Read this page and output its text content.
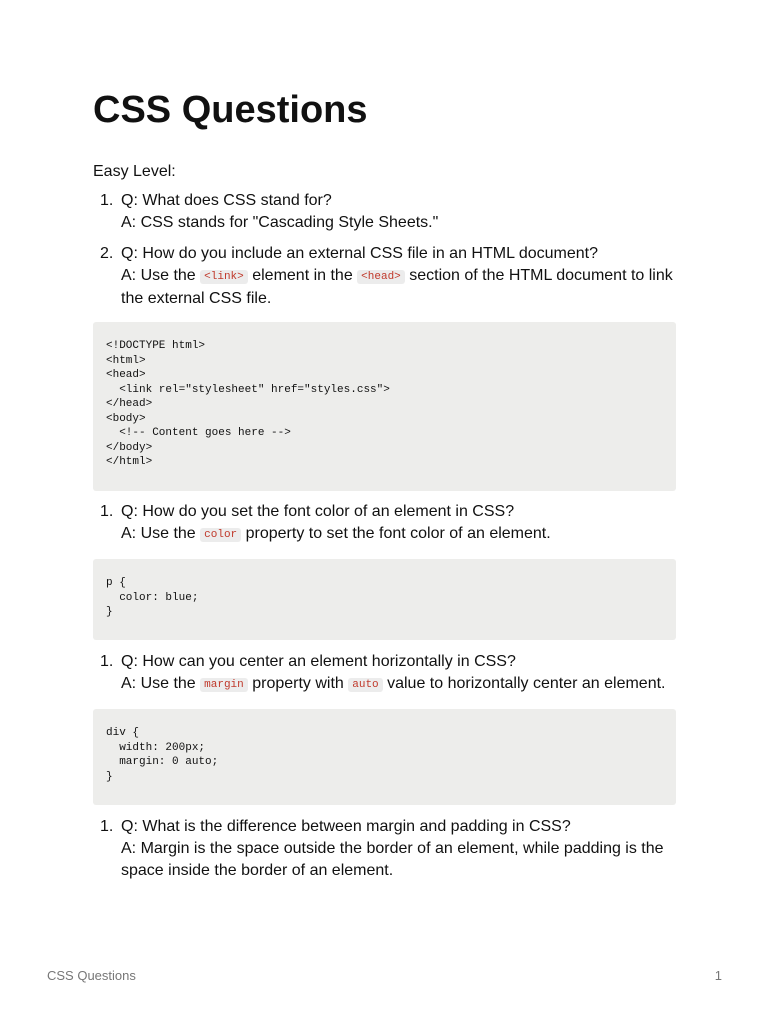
CSS Questions
Easy Level:
1. Q: What does CSS stand for?
A: CSS stands for "Cascading Style Sheets."
2. Q: How do you include an external CSS file in an HTML document?
A: Use the <link> element in the <head> section of the HTML document to link
the external CSS file.
<!DOCTYPE html>
<html>
<head>
<link rel="stylesheet" href="styles.css">
</head>
<body>
<!-- Content goes here -->
</body>
</html>
1. Q: How do you set the font color of an element in CSS?
A: Use the color property to set the font color of an element.
p {
color: blue;
}
1. Q: How can you center an element horizontally in CSS?
A: Use the margin property with auto value to horizontally center an element.
div {
width: 200px;
margin: 0 auto;
}
1. Q: What is the difference between margin and padding in CSS?
A: Margin is the space outside the border of an element, while padding is the
space inside the border of an element.
CSS Questions	1
